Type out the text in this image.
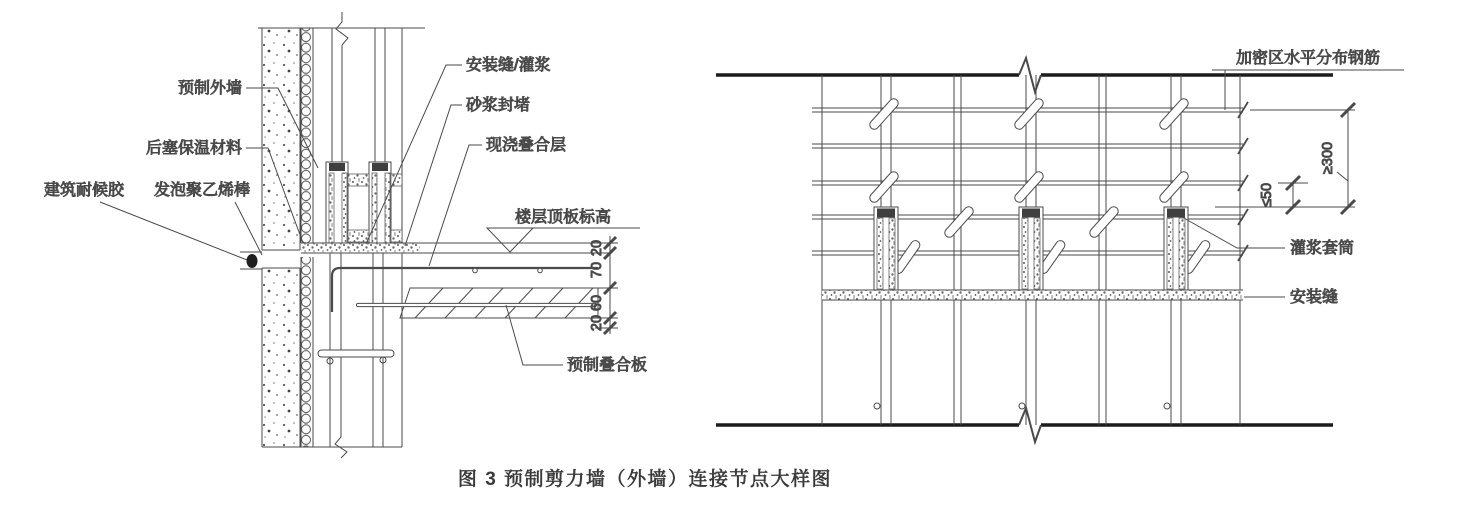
楼层顶板标高
20
70
60
20
预制外墙
后塞保温材料
建筑耐候胶 发泡聚乙烯棒
安装缝/灌浆
砂浆封堵
现浇叠合层
预制叠合板
加密区水平分布钢筋
≥300
≤50
灌浆套筒
安装缝
图 3 预制剪力墙（外墙）连接节点大样图
